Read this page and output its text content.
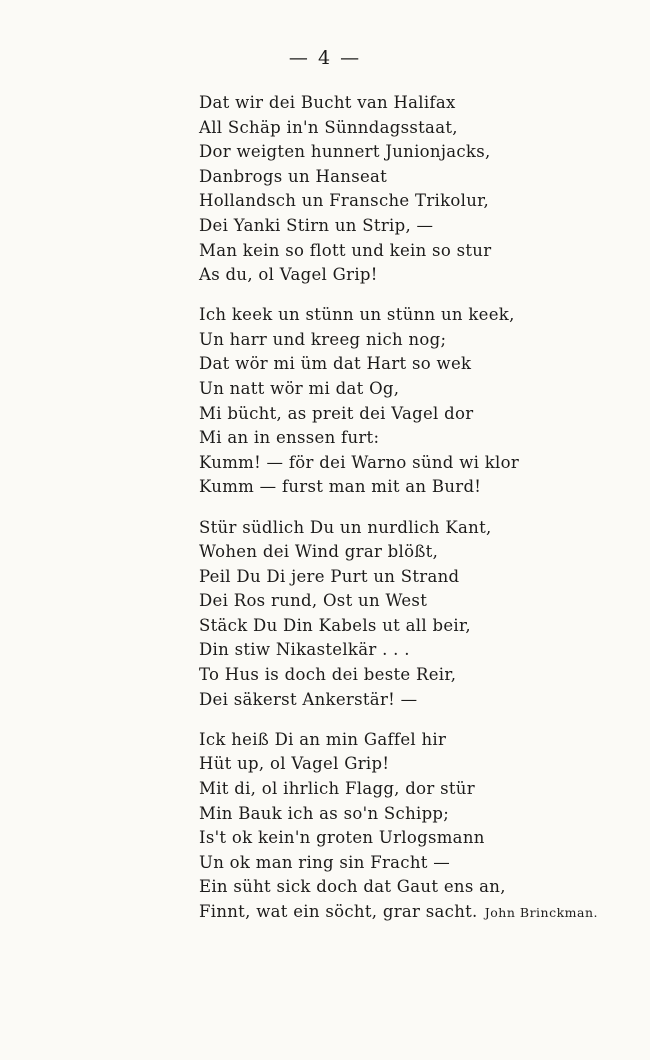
— 4 —
Dat wir dei Bucht van Halifax
All Schäp in'n Sünndagsstaat,
Dor weigten hunnert Junionjacks,
Danbrogs un Hanseat
Hollandsch un Fransche Trikolur,
Dei Yanki Stirn un Strip, —
Man kein so flott und kein so stur
As du, ol Vagel Grip!
Ich keek un stünn un stünn un keek,
Un harr und kreeg nich nog;
Dat wör mi üm dat Hart so wek
Un natt wör mi dat Og,
Mi bücht, as preit dei Vagel dor
Mi an in enssen furt:
Kumm! — för dei Warno sünd wi klor
Kumm — furst man mit an Burd!
Stür südlich Du un nurdlich Kant,
Wohen dei Wind grar blößt,
Peil Du Di jere Purt un Strand
Dei Ros rund, Ost un West
Stäck Du Din Kabels ut all beir,
Din stiw Nikastelkär . . .
To Hus is doch dei beste Reir,
Dei säkerst Ankerstär! —
Ick heiß Di an min Gaffel hir
Hüt up, ol Vagel Grip!
Mit di, ol ihrlich Flagg, dor stür
Min Bauk ich as so'n Schipp;
Is't ok kein'n groten Urlogsmann
Un ok man ring sin Fracht —
Ein süht sick doch dat Gaut ens an,
Finnt, wat ein söcht, grar sacht. John Brinckman.
